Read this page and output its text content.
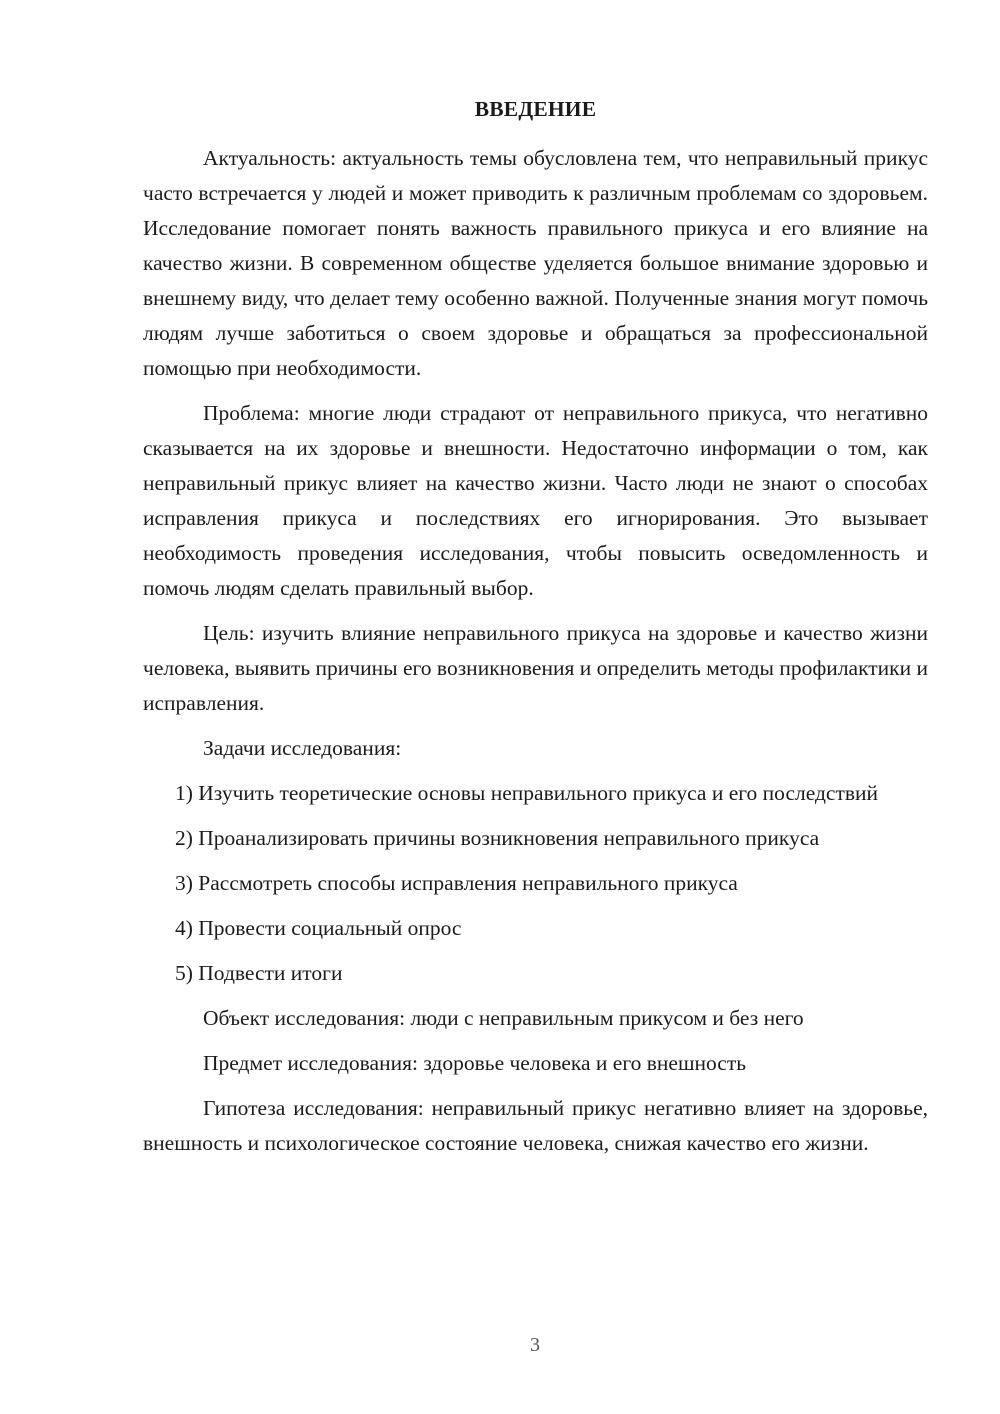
ВВЕДЕНИЕ

Актуальность: актуальность темы обусловлена тем, что неправильный прикус часто встречается у людей и может приводить к различным проблемам со здоровьем. Исследование помогает понять важность правильного прикуса и его влияние на качество жизни. В современном обществе уделяется большое внимание здоровью и внешнему виду, что делает тему особенно важной. Полученные знания могут помочь людям лучше заботиться о своем здоровье и обращаться за профессиональной помощью при необходимости.

Проблема: многие люди страдают от неправильного прикуса, что негативно сказывается на их здоровье и внешности. Недостаточно информации о том, как неправильный прикус влияет на качество жизни. Часто люди не знают о способах исправления прикуса и последствиях его игнорирования. Это вызывает необходимость проведения исследования, чтобы повысить осведомленность и помочь людям сделать правильный выбор.

Цель: изучить влияние неправильного прикуса на здоровье и качество жизни человека, выявить причины его возникновения и определить методы профилактики и исправления.

Задачи исследования:

1) Изучить теоретические основы неправильного прикуса и его последствий

2) Проанализировать причины возникновения неправильного прикуса

3) Рассмотреть способы исправления неправильного прикуса

4) Провести социальный опрос

5) Подвести итоги

Объект исследования: люди с неправильным прикусом и без него

Предмет исследования: здоровье человека и его внешность

Гипотеза исследования: неправильный прикус негативно влияет на здоровье, внешность и психологическое состояние человека, снижая качество его жизни.

3
